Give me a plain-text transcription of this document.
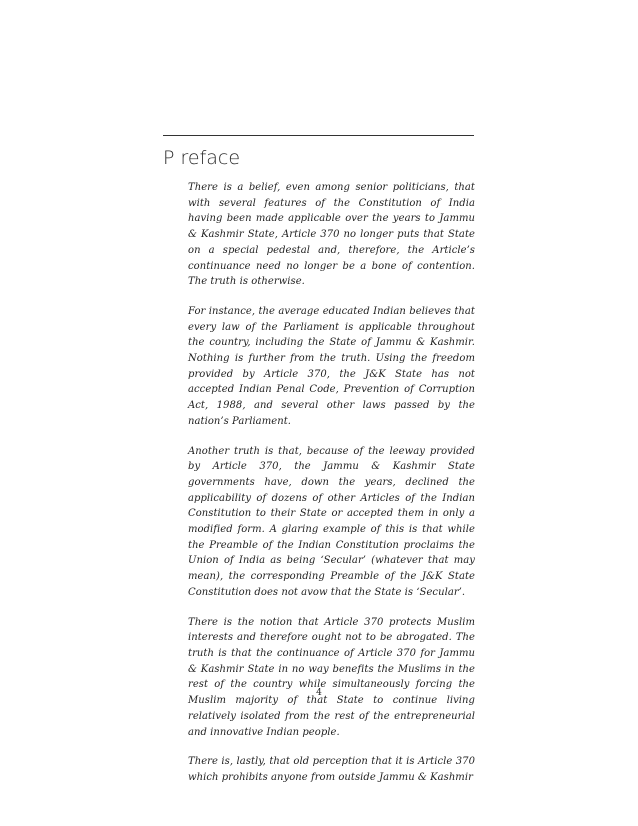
P reface

There is a belief, even among senior politicians, that with several features of the Constitution of India having been made applicable over the years to Jammu & Kashmir State, Article 370 no longer puts that State on a special pedestal and, therefore, the Article’s continuance need no longer be a bone of contention. The truth is otherwise.

For instance, the average educated Indian believes that every law of the Parliament is applicable throughout the country, including the State of Jammu & Kashmir. Nothing is further from the truth. Using the freedom provided by Article 370, the J&K State has not accepted Indian Penal Code, Prevention of Corruption Act, 1988, and several other laws passed by the nation’s Parliament.

Another truth is that, because of the leeway provided by Article 370, the Jammu & Kashmir State governments have, down the years, declined the applicability of dozens of other Articles of the Indian Constitution to their State or accepted them in only a modified form. A glaring example of this is that while the Preamble of the Indian Constitution proclaims the Union of India as being ‘Secular’ (whatever that may mean), the corresponding Preamble of the J&K State Constitution does not avow that the State is ‘Secular’.

There is the notion that Article 370 protects Muslim interests and therefore ought not to be abrogated. The truth is that the continuance of Article 370 for Jammu & Kashmir State in no way benefits the Muslims in the rest of the country while simultaneously forcing the Muslim majority of that State to continue living relatively isolated from the rest of the entrepreneurial and innovative Indian people.

There is, lastly, that old perception that it is Article 370 which prohibits anyone from outside Jammu & Kashmir

4
